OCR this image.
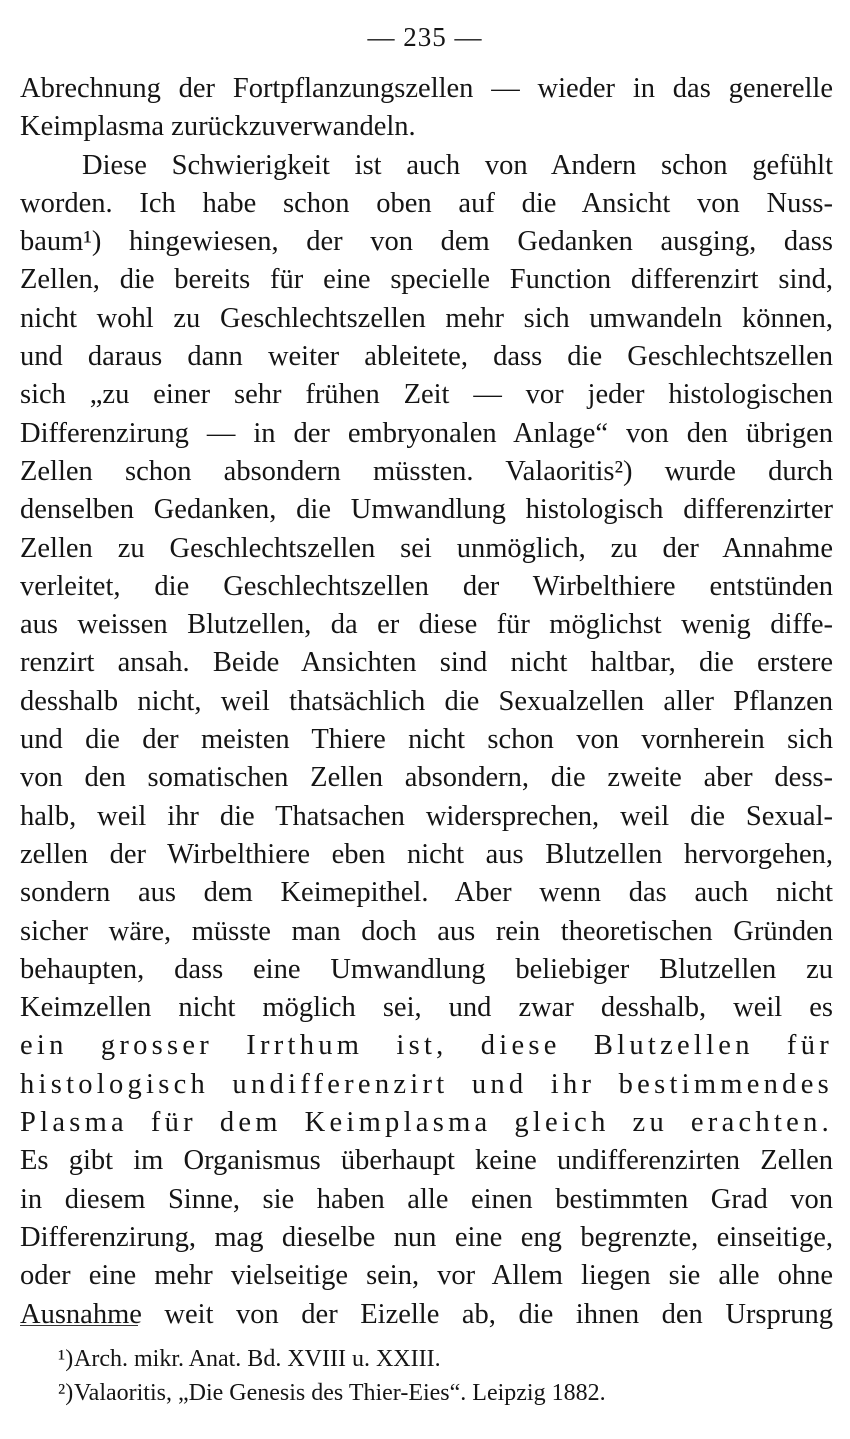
— 235 —
Abrechnung der Fortpflanzungszellen — wieder in das generelle
Keimplasma zurückzuverwandeln.
Diese Schwierigkeit ist auch von Andern schon gefühlt
worden. Ich habe schon oben auf die Ansicht von Nuss-
baum¹) hingewiesen, der von dem Gedanken ausging, dass
Zellen, die bereits für eine specielle Function differenzirt sind,
nicht wohl zu Geschlechtszellen mehr sich umwandeln können,
und daraus dann weiter ableitete, dass die Geschlechtszellen
sich „zu einer sehr frühen Zeit — vor jeder histologischen
Differenzirung — in der embryonalen Anlage“ von den übrigen
Zellen schon absondern müssten. Valaoritis²) wurde durch
denselben Gedanken, die Umwandlung histologisch differenzirter
Zellen zu Geschlechtszellen sei unmöglich, zu der Annahme
verleitet, die Geschlechtszellen der Wirbelthiere entstünden
aus weissen Blutzellen, da er diese für möglichst wenig diffe-
renzirt ansah. Beide Ansichten sind nicht haltbar, die erstere
desshalb nicht, weil thatsächlich die Sexualzellen aller Pflanzen
und die der meisten Thiere nicht schon von vornherein sich
von den somatischen Zellen absondern, die zweite aber dess-
halb, weil ihr die Thatsachen widersprechen, weil die Sexual-
zellen der Wirbelthiere eben nicht aus Blutzellen hervorgehen,
sondern aus dem Keimepithel. Aber wenn das auch nicht
sicher wäre, müsste man doch aus rein theoretischen Gründen
behaupten, dass eine Umwandlung beliebiger Blutzellen zu
Keimzellen nicht möglich sei, und zwar desshalb, weil es
ein grosser Irrthum ist, diese Blutzellen für
histologisch undifferenzirt und ihr bestimmendes
Plasma für dem Keimplasma gleich zu erachten.
Es gibt im Organismus überhaupt keine undifferenzirten Zellen
in diesem Sinne, sie haben alle einen bestimmten Grad von
Differenzirung, mag dieselbe nun eine eng begrenzte, einseitige,
oder eine mehr vielseitige sein, vor Allem liegen sie alle ohne
Ausnahme weit von der Eizelle ab, die ihnen den Ursprung
¹) Arch. mikr. Anat. Bd. XVIII u. XXIII.
²) Valaoritis, „Die Genesis des Thier-Eies“. Leipzig 1882.
